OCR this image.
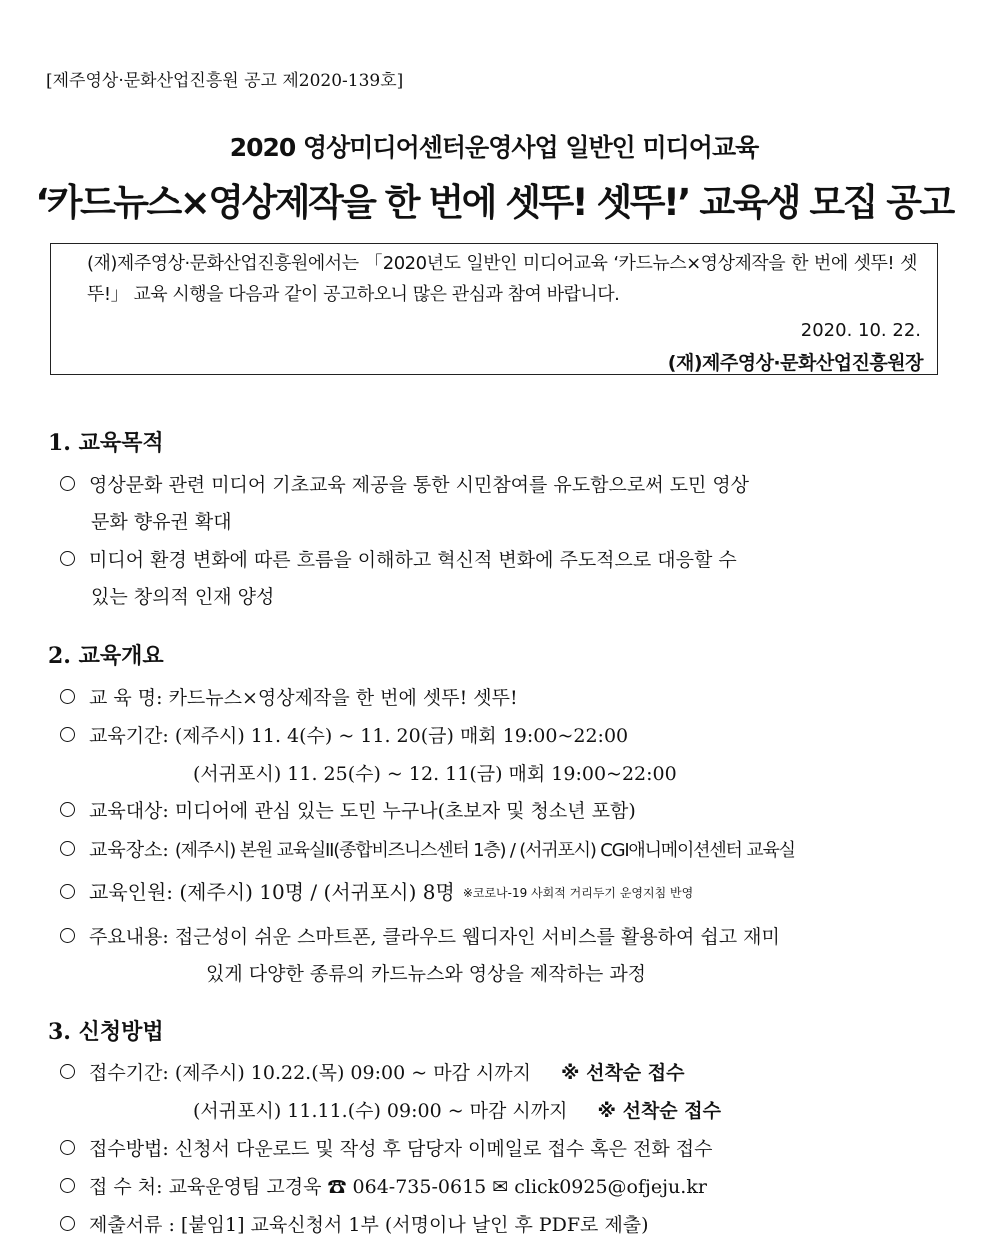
[제주영상·문화산업진흥원 공고 제2020-139호]
2020 영상미디어센터운영사업 일반인 미디어교육
‘카드뉴스×영상제작을 한 번에 셋뚜! 셋뚜!’ 교육생 모집 공고
(재)제주영상·문화산업진흥원에서는 「2020년도 일반인 미디어교육 ‘카드뉴스×영상제작을 한 번에 셋뚜! 셋뚜!」 교육 시행을 다음과 같이 공고하오니 많은 관심과 참여 바랍니다.
2020. 10. 22.
(재)제주영상·문화산업진흥원장
1. 교육목적
영상문화 관련 미디어 기초교육 제공을 통한 시민참여를 유도함으로써 도민 영상
문화 향유권 확대
미디어 환경 변화에 따른 흐름을 이해하고 혁신적 변화에 주도적으로 대응할 수
있는 창의적 인재 양성
2. 교육개요
교 육 명: 카드뉴스×영상제작을 한 번에 셋뚜! 셋뚜!
교육기간: (제주시) 11. 4(수) ~ 11. 20(금) 매회 19:00~22:00
(서귀포시) 11. 25(수) ~ 12. 11(금) 매회 19:00~22:00
교육대상: 미디어에 관심 있는 도민 누구나(초보자 및 청소년 포함)
교육장소: (제주시) 본원 교육실II(종합비즈니스센터 1층) / (서귀포시) CGI애니메이션센터 교육실
교육인원: (제주시) 10명 / (서귀포시) 8명 ※코로나-19 사회적 거리두기 운영지침 반영
주요내용: 접근성이 쉬운 스마트폰, 클라우드 웹디자인 서비스를 활용하여 쉽고 재미
있게 다양한 종류의 카드뉴스와 영상을 제작하는 과정
3. 신청방법
접수기간: (제주시) 10.22.(목) 09:00 ~ 마감 시까지 ※ 선착순 접수
(서귀포시) 11.11.(수) 09:00 ~ 마감 시까지 ※ 선착순 접수
접수방법: 신청서 다운로드 및 작성 후 담당자 이메일로 접수 혹은 전화 접수
접 수 처: 교육운영팀 고경욱 ☎ 064-735-0615 ✉ click0925@ofjeju.kr
제출서류 : [붙임1] 교육신청서 1부 (서명이나 날인 후 PDF로 제출)
